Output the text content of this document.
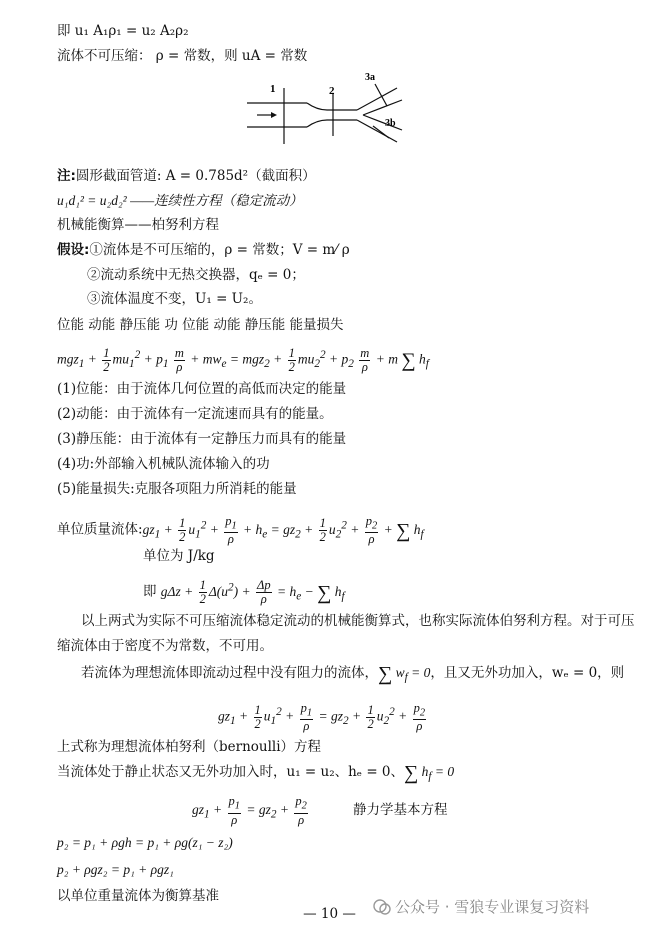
即 u₁ A₁ρ₁ = u₂ A₂ρ₂
流体不可压缩： ρ = 常数，则 uA = 常数
1	2
3a
3b
注:圆形截面管道: A = 0.785d²（截面积）
u₁d₁² = u₂d₂² ——连续性方程（稳定流动）
机械能衡算——柏努利方程
假设:①流体是不可压缩的，ρ = 常数；V = m⁄ ρ
②流动系统中无热交换器，qₑ = 0；
③流体温度不变，U₁ = U₂。
位能 动能 静压能 功 位能 动能 静压能 能量损失
$mgz_1 + \frac{1}{2} mu_1^2 + p_1 \frac{m}{\rho} + mw_e = mgz_2 + \frac{1}{2} mu_2^2 + p_2 \frac{m}{\rho} + m$ ∑ $h_f$
(1)位能：由于流体几何位置的高低而决定的能量
(2)动能：由于流体有一定流速而具有的能量。
(3)静压能：由于流体有一定静压力而具有的能量
(4)功:外部输入机械队流体输入的功
(5)能量损失:克服各项阻力所消耗的能量
单位质量流体$:gz_1 + \frac{1}{2} u_1^2 + \frac{p_1}{\rho} + h_e = gz_2 + \frac{1}{2} u_2^2 + \frac{p_2}{\rho}$ + ∑ $h_f$
单位为 J/kg
即 $g\Delta z + \frac{1}{2} \Delta(u^2) + \frac{\Delta p}{\rho} = h_e$ − ∑ $h_f$
以上两式为实际不可压缩流体稳定流动的机械能衡算式，也称实际流体伯努利方程。对于可压
缩流体由于密度不为常数，不可用。
若流体为理想流体即流动过程中没有阻力的流体，∑ $w_f = 0$，且又无外功加入，wₑ = 0，则
$gz_1 + \frac{1}{2} u_1^2 + \frac{p_1}{\rho} = gz_2 + \frac{1}{2} u_2^2 + \frac{p_2}{\rho}$
上式称为理想流体柏努利（bernoulli）方程
当流体处于静止状态又无外功加入时，u₁ = u₂、hₑ = 0、∑ $h_f = 0$
$gz_1 + \frac{p_1}{\rho} = gz_2 + \frac{p_2}{\rho}$	静力学基本方程
p₂ = p₁ + ρgh = p₁ + ρg(z₁ − z₂)
p₂ + ρgz₂ = p₁ + ρgz₁
以单位重量流体为衡算基准
— 10 —	公众号 · 雪狼专业课复习资料
